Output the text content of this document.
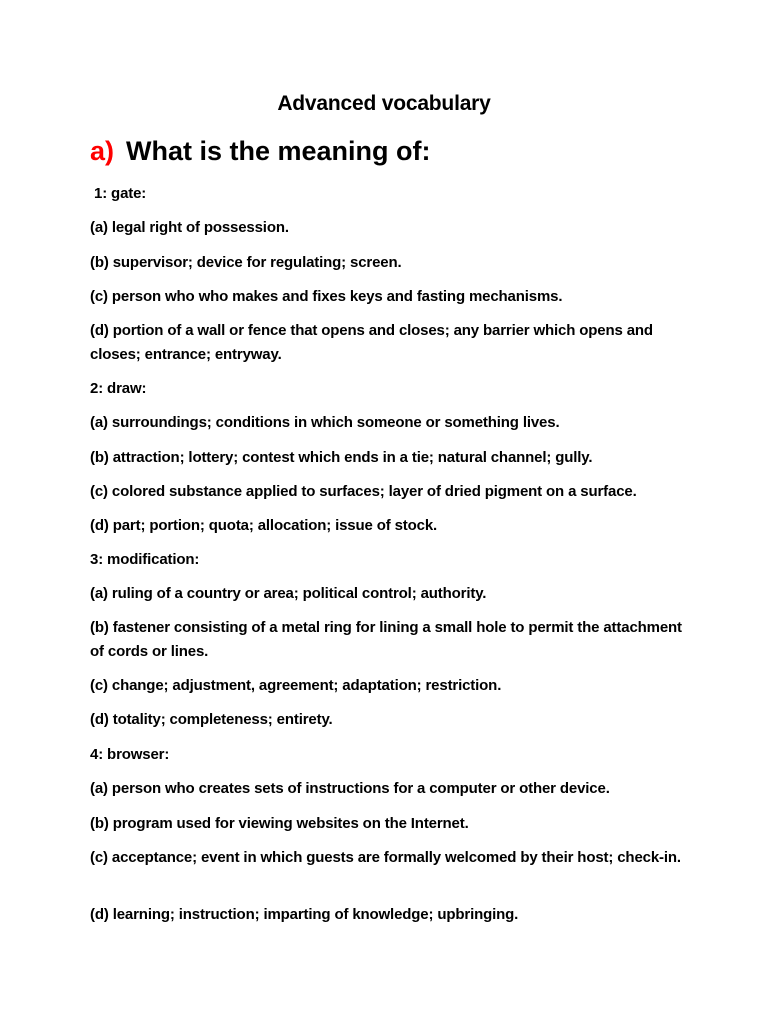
Advanced vocabulary
a) What is the meaning of:
1: gate:
(a) legal right of possession.
(b) supervisor; device for regulating; screen.
(c) person who who makes and fixes keys and fasting mechanisms.
(d) portion of a wall or fence that opens and closes; any barrier which opens and closes; entrance; entryway.
2: draw:
(a) surroundings; conditions in which someone or something lives.
(b) attraction; lottery; contest which ends in a tie; natural channel; gully.
(c) colored substance applied to surfaces; layer of dried pigment on a surface.
(d) part; portion; quota; allocation; issue of stock.
3: modification:
(a) ruling of a country or area; political control; authority.
(b) fastener consisting of a metal ring for lining a small hole to permit the attachment of cords or lines.
(c) change; adjustment, agreement; adaptation; restriction.
(d) totality; completeness; entirety.
4: browser:
(a) person who creates sets of instructions for a computer or other device.
(b) program used for viewing websites on the Internet.
(c) acceptance; event in which guests are formally welcomed by their host; check-in.
(d) learning; instruction; imparting of knowledge; upbringing.
